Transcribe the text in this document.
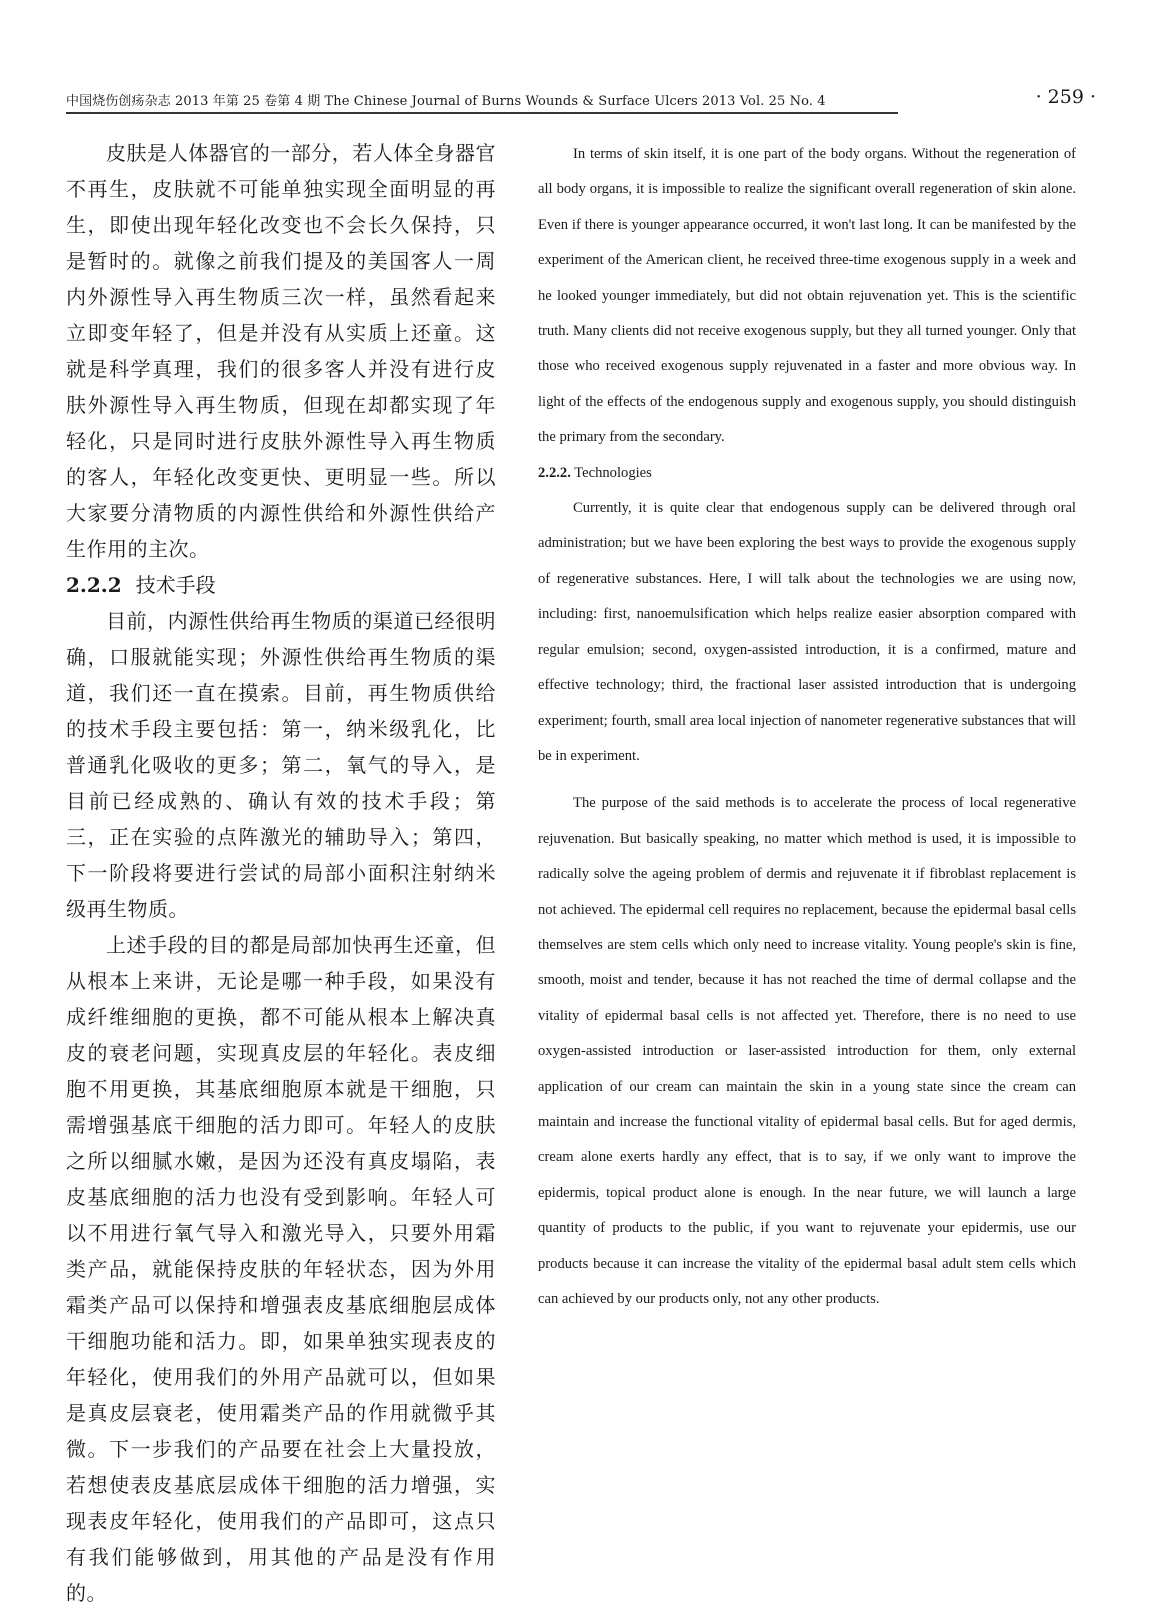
中国烧伤创疡杂志 2013 年第 25 卷第 4 期 The Chinese Journal of Burns Wounds & Surface Ulcers 2013 Vol. 25 No. 4	· 259 ·

皮肤是人体器官的一部分，若人体全身器官不再生，皮肤就不可能单独实现全面明显的再生，即使出现年轻化改变也不会长久保持，只是暂时的。就像之前我们提及的美国客人一周内外源性导入再生物质三次一样，虽然看起来立即变年轻了，但是并没有从实质上还童。这就是科学真理，我们的很多客人并没有进行皮肤外源性导入再生物质，但现在却都实现了年轻化，只是同时进行皮肤外源性导入再生物质的客人，年轻化改变更快、更明显一些。所以大家要分清物质的内源性供给和外源性供给产生作用的主次。

2.2.2 技术手段

目前，内源性供给再生物质的渠道已经很明确，口服就能实现；外源性供给再生物质的渠道，我们还一直在摸索。目前，再生物质供给的技术手段主要包括：第一，纳米级乳化，比普通乳化吸收的更多；第二，氧气的导入，是目前已经成熟的、确认有效的技术手段；第三，正在实验的点阵激光的辅助导入；第四，下一阶段将要进行尝试的局部小面积注射纳米级再生物质。

上述手段的目的都是局部加快再生还童，但从根本上来讲，无论是哪一种手段，如果没有成纤维细胞的更换，都不可能从根本上解决真皮的衰老问题，实现真皮层的年轻化。表皮细胞不用更换，其基底细胞原本就是干细胞，只需增强基底干细胞的活力即可。年轻人的皮肤之所以细腻水嫩，是因为还没有真皮塌陷，表皮基底细胞的活力也没有受到影响。年轻人可以不用进行氧气导入和激光导入，只要外用霜类产品，就能保持皮肤的年轻状态，因为外用霜类产品可以保持和增强表皮基底细胞层成体干细胞功能和活力。即，如果单独实现表皮的年轻化，使用我们的外用产品就可以，但如果是真皮层衰老，使用霜类产品的作用就微乎其微。下一步我们的产品要在社会上大量投放，若想使表皮基底层成体干细胞的活力增强，实现表皮年轻化，使用我们的产品即可，这点只有我们能够做到，用其他的产品是没有作用的。

In terms of skin itself, it is one part of the body organs. Without the regeneration of all body organs, it is impossible to realize the significant overall regeneration of skin alone. Even if there is younger appearance occurred, it won't last long. It can be manifested by the experiment of the American client, he received three-time exogenous supply in a week and he looked younger immediately, but did not obtain rejuvenation yet. This is the scientific truth. Many clients did not receive exogenous supply, but they all turned younger. Only that those who received exogenous supply rejuvenated in a faster and more obvious way. In light of the effects of the endogenous supply and exogenous supply, you should distinguish the primary from the secondary.

2.2.2. Technologies

Currently, it is quite clear that endogenous supply can be delivered through oral administration; but we have been exploring the best ways to provide the exogenous supply of regenerative substances. Here, I will talk about the technologies we are using now, including: first, nanoemulsification which helps realize easier absorption compared with regular emulsion; second, oxygen-assisted introduction, it is a confirmed, mature and effective technology; third, the fractional laser assisted introduction that is undergoing experiment; fourth, small area local injection of nanometer regenerative substances that will be in experiment.

The purpose of the said methods is to accelerate the process of local regenerative rejuvenation. But basically speaking, no matter which method is used, it is impossible to radically solve the ageing problem of dermis and rejuvenate it if fibroblast replacement is not achieved. The epidermal cell requires no replacement, because the epidermal basal cells themselves are stem cells which only need to increase vitality. Young people's skin is fine, smooth, moist and tender, because it has not reached the time of dermal collapse and the vitality of epidermal basal cells is not affected yet. Therefore, there is no need to use oxygen-assisted introduction or laser-assisted introduction for them, only external application of our cream can maintain the skin in a young state since the cream can maintain and increase the functional vitality of epidermal basal cells. But for aged dermis, cream alone exerts hardly any effect, that is to say, if we only want to improve the epidermis, topical product alone is enough. In the near future, we will launch a large quantity of products to the public, if you want to rejuvenate your epidermis, use our products because it can increase the vitality of the epidermal basal adult stem cells which can achieved by our products only, not any other products.
